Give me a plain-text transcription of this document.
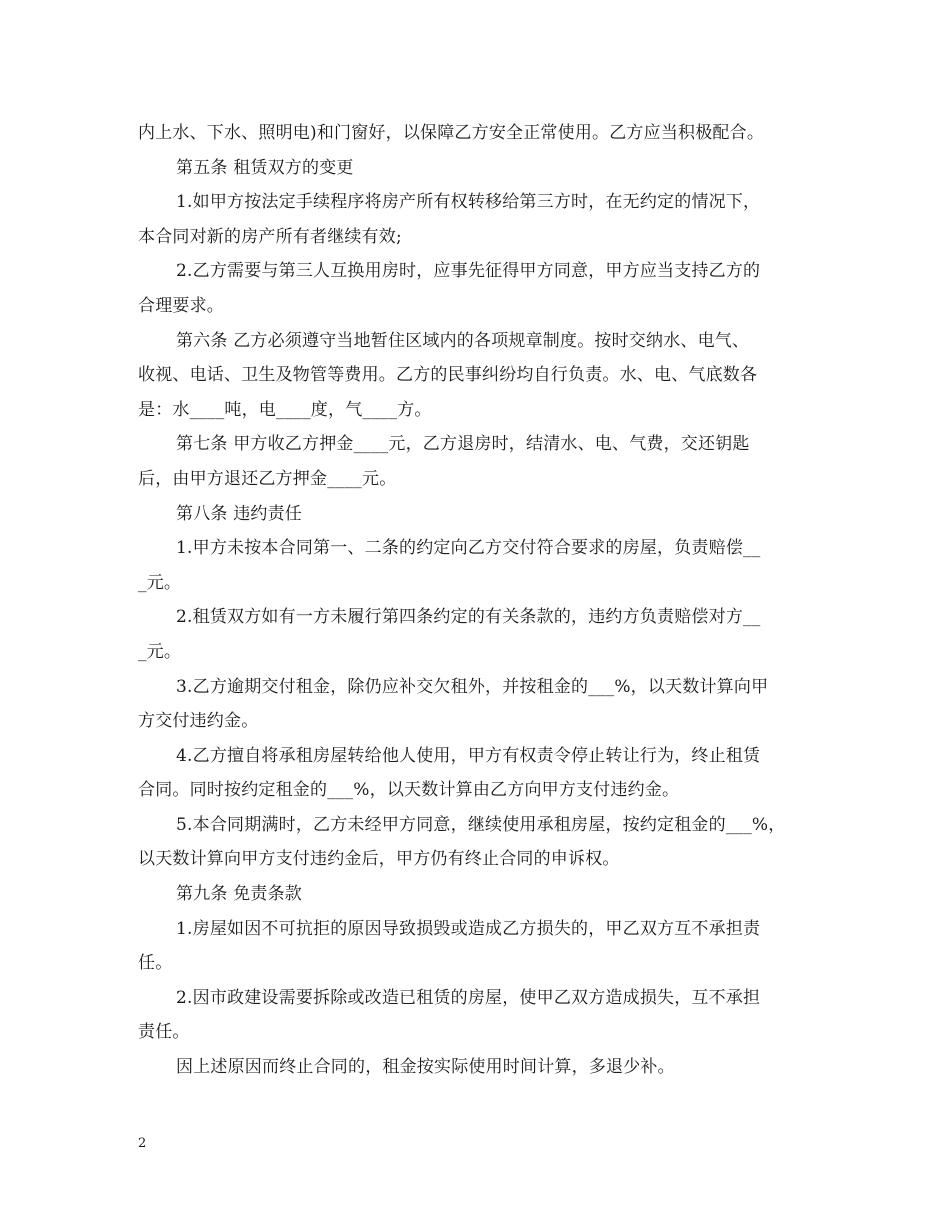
内上水、下水、照明电)和门窗好，以保障乙方安全正常使用。乙方应当积极配合。
第五条 租赁双方的变更
1.如甲方按法定手续程序将房产所有权转移给第三方时，在无约定的情况下，
本合同对新的房产所有者继续有效;
2.乙方需要与第三人互换用房时，应事先征得甲方同意，甲方应当支持乙方的
合理要求。
第六条 乙方必须遵守当地暂住区域内的各项规章制度。按时交纳水、电气、
收视、电话、卫生及物管等费用。乙方的民事纠纷均自行负责。水、电、气底数各
是：水____吨，电____度，气____方。
第七条 甲方收乙方押金____元，乙方退房时，结清水、电、气费，交还钥匙
后，由甲方退还乙方押金____元。
第八条 违约责任
1.甲方未按本合同第一、二条的约定向乙方交付符合要求的房屋，负责赔偿__
_元。
2.租赁双方如有一方未履行第四条约定的有关条款的，违约方负责赔偿对方__
_元。
3.乙方逾期交付租金，除仍应补交欠租外，并按租金的___%，以天数计算向甲
方交付违约金。
4.乙方擅自将承租房屋转给他人使用，甲方有权责令停止转让行为，终止租赁
合同。同时按约定租金的___%，以天数计算由乙方向甲方支付违约金。
5.本合同期满时，乙方未经甲方同意，继续使用承租房屋，按约定租金的___%，
以天数计算向甲方支付违约金后，甲方仍有终止合同的申诉权。
第九条 免责条款
1.房屋如因不可抗拒的原因导致损毁或造成乙方损失的，甲乙双方互不承担责
任。
2.因市政建设需要拆除或改造已租赁的房屋，使甲乙双方造成损失，互不承担
责任。
因上述原因而终止合同的，租金按实际使用时间计算，多退少补。
2
